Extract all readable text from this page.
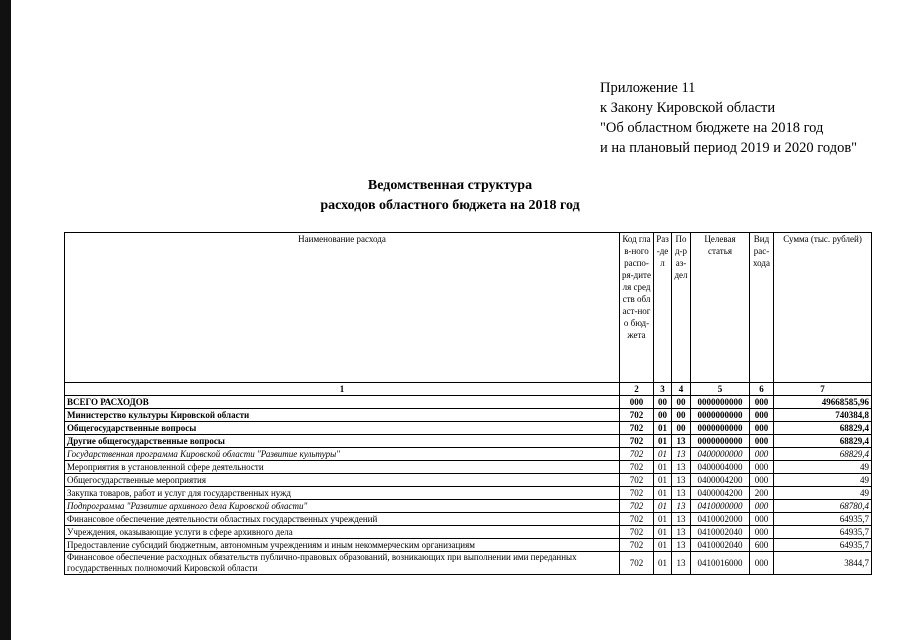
Приложение 11
к Закону Кировской области
"Об областном бюджете на 2018 год
и на плановый период 2019 и 2020 годов"
Ведомственная структура
расходов областного бюджета на 2018 год
Наименование расхода	Код глав-ного распо-ря-дителя средств област-ного бюд-жета	Раз-дел	Под-раз-дел	Целевая статья	Вид рас-хода	Сумма (тыс. рублей)
1	2	3	4	5	6	7
ВСЕГО РАСХОДОВ	000	00	00	0000000000	000	49668585,96
Министерство культуры Кировской области	702	00	00	0000000000	000	740384,8
Общегосударственные вопросы	702	01	00	0000000000	000	68829,4
Другие общегосударственные вопросы	702	01	13	0000000000	000	68829,4
Государственная программа Кировской области "Развитие культуры"	702	01	13	0400000000	000	68829,4
Мероприятия в установленной сфере деятельности	702	01	13	0400004000	000	49
Общегосударственные мероприятия	702	01	13	0400004200	000	49
Закупка товаров, работ и услуг для государственных нужд	702	01	13	0400004200	200	49
Подпрограмма "Развитие архивного дела Кировской области"	702	01	13	0410000000	000	68780,4
Финансовое обеспечение деятельности областных государственных учреждений	702	01	13	0410002000	000	64935,7
Учреждения, оказывающие услуги в сфере архивного дела	702	01	13	0410002040	000	64935,7
Предоставление субсидий бюджетным, автономным учреждениям и иным некоммерческим организациям	702	01	13	0410002040	600	64935,7
Финансовое обеспечение расходных обязательств публично-правовых образований, возникающих при выполнении ими переданных государственных полномочий Кировской области	702	01	13	0410016000	000	3844,7
